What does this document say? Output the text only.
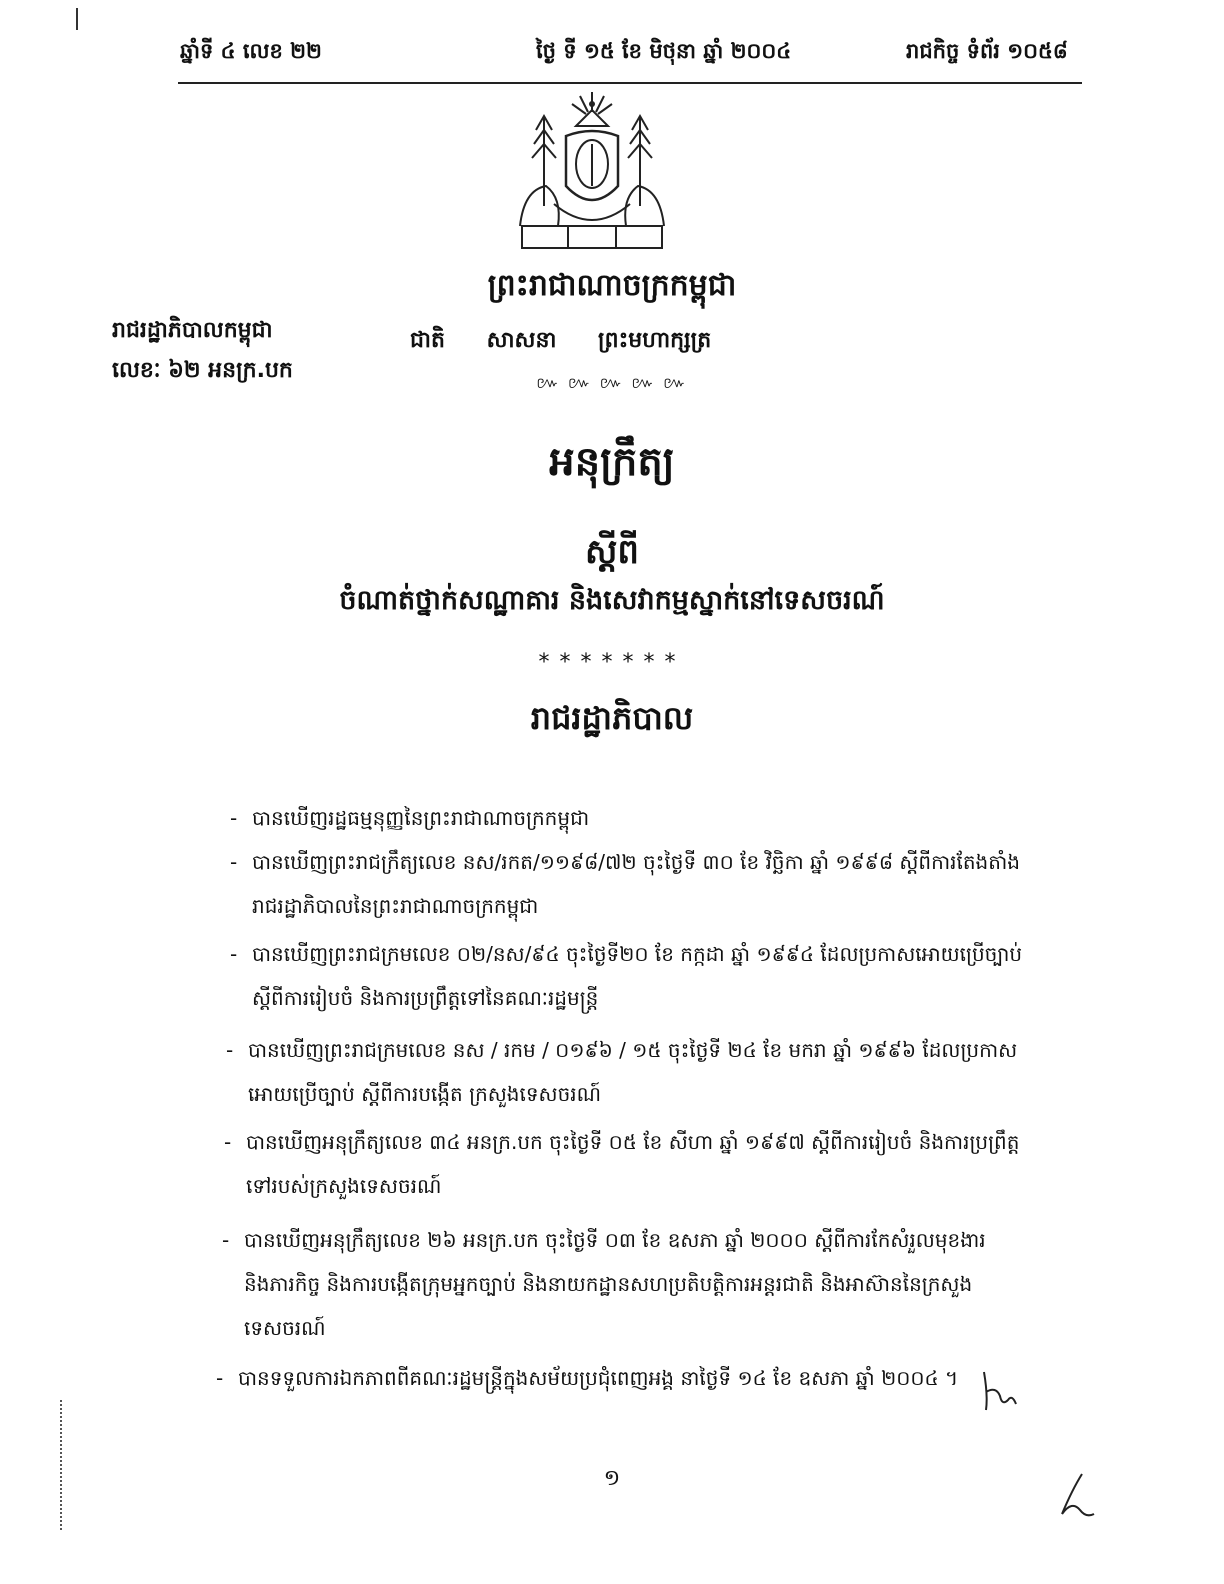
ឆ្នាំទី ៤ លេខ ២២	ថ្ងៃ ទី ១៥ ខែ មិថុនា ឆ្នាំ ២០០៤	រាជកិច្ច ទំព័រ ១០៥៨
ព្រះរាជាណាចក្រកម្ពុជា
ជាតិ សាសនា ព្រះមហាក្សត្រ
៚ ៚ ៚ ៚ ៚
រាជរដ្ឋាភិបាលកម្ពុជា
លេខៈ ៦២ អនក្រ.បក
អនុក្រឹត្យ
ស្តីពី
ចំណាត់ថ្នាក់សណ្ឋាគារ និងសេវាកម្មស្នាក់នៅទេសចរណ៍
*******
រាជរដ្ឋាភិបាល
- បានឃើញរដ្ឋធម្មនុញ្ញនៃព្រះរាជាណាចក្រកម្ពុជា
- បានឃើញព្រះរាជក្រឹត្យលេខ នស/រកត/១១៩៨/៧២ ចុះថ្ងៃទី ៣០ ខែ វិច្ឆិកា ឆ្នាំ ១៩៩៨ ស្តីពីការតែងតាំង
រាជរដ្ឋាភិបាលនៃព្រះរាជាណាចក្រកម្ពុជា
- បានឃើញព្រះរាជក្រមលេខ ០២/នស/៩៤ ចុះថ្ងៃទី២០ ខែ កក្កដា ឆ្នាំ ១៩៩៤ ដែលប្រកាសអោយប្រើច្បាប់
ស្តីពីការរៀបចំ និងការប្រព្រឹត្តទៅនៃគណៈរដ្ឋមន្ត្រី
- បានឃើញព្រះរាជក្រមលេខ នស / រកម / ០១៩៦ / ១៥ ចុះថ្ងៃទី ២៤ ខែ មករា ឆ្នាំ ១៩៩៦ ដែលប្រកាស
អោយប្រើច្បាប់ ស្តីពីការបង្កើត ក្រសួងទេសចរណ៍
- បានឃើញអនុក្រឹត្យលេខ ៣៤ អនក្រ.បក ចុះថ្ងៃទី ០៥ ខែ សីហា ឆ្នាំ ១៩៩៧ ស្តីពីការរៀបចំ និងការប្រព្រឹត្ត
ទៅរបស់ក្រសួងទេសចរណ៍
- បានឃើញអនុក្រឹត្យលេខ ២៦ អនក្រ.បក ចុះថ្ងៃទី ០៣ ខែ ឧសភា ឆ្នាំ ២០០០ ស្តីពីការកែសំរួលមុខងារ
និងភារកិច្ច និងការបង្កើតក្រុមអ្នកច្បាប់ និងនាយកដ្ឋានសហប្រតិបត្តិការអន្តរជាតិ និងអាស៊ាននៃក្រសួង
ទេសចរណ៍
- បានទទួលការឯកភាពពីគណៈរដ្ឋមន្ត្រីក្នុងសម័យប្រជុំពេញអង្គ នាថ្ងៃទី ១៤ ខែ ឧសភា ឆ្នាំ ២០០៤ ។
១
